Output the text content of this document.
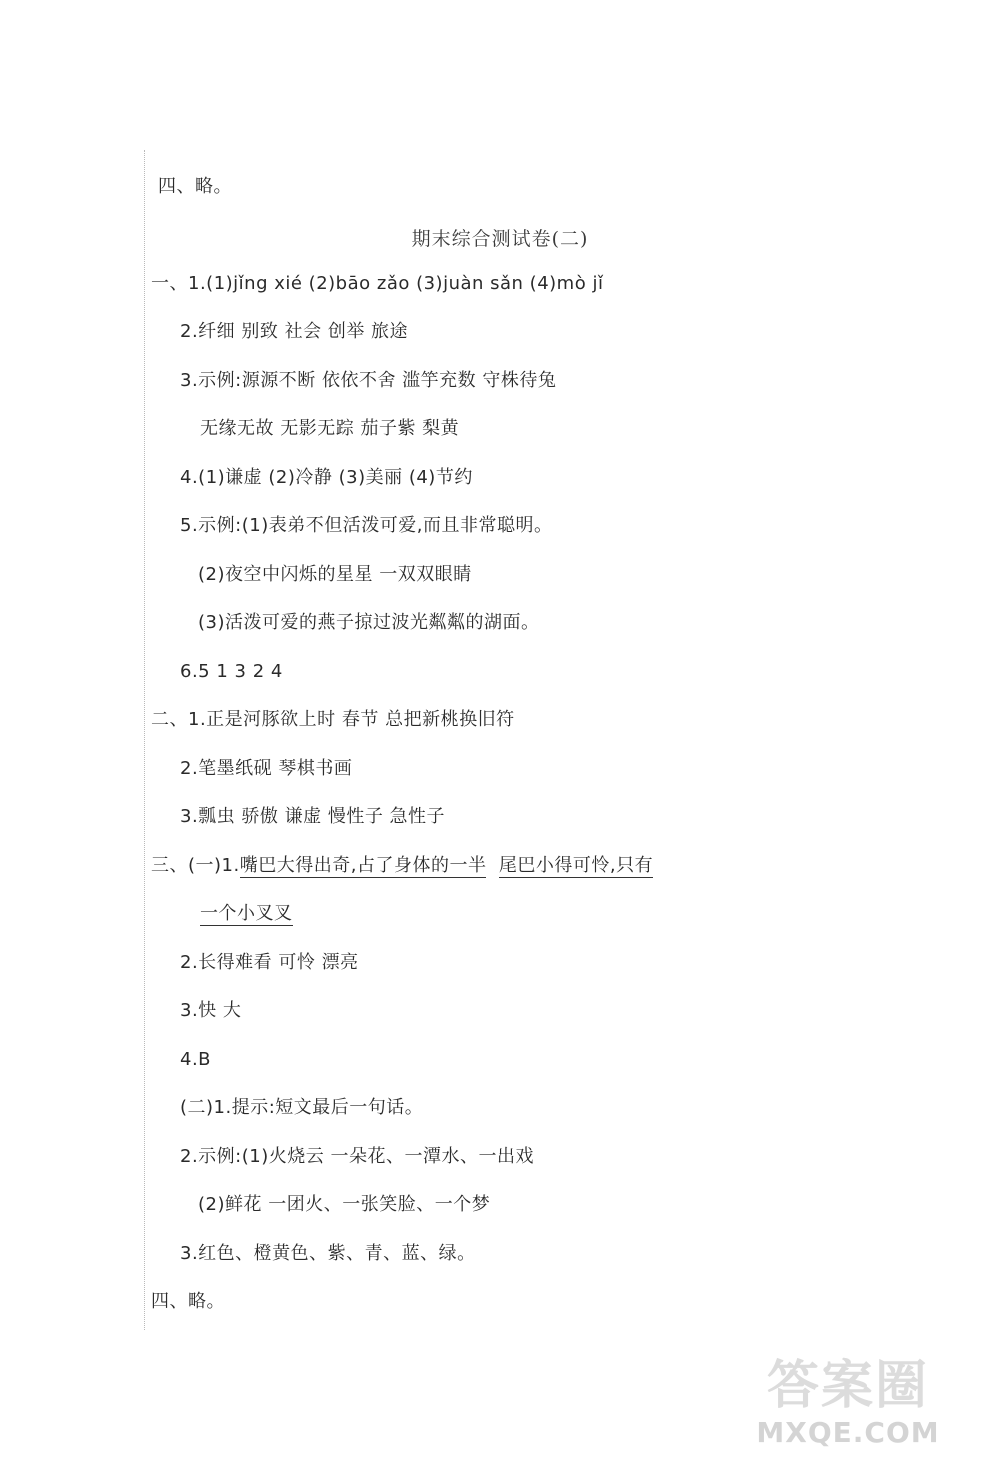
四、略。
期末综合测试卷(二)
一、1.(1)jǐng xié (2)bāo zǎo (3)juàn sǎn (4)mò jǐ
2.纤细 别致 社会 创举 旅途
3.示例:源源不断 依依不舍 滥竽充数 守株待兔
无缘无故 无影无踪 茄子紫 梨黄
4.(1)谦虚 (2)冷静 (3)美丽 (4)节约
5.示例:(1)表弟不但活泼可爱,而且非常聪明。
(2)夜空中闪烁的星星 一双双眼睛
(3)活泼可爱的燕子掠过波光粼粼的湖面。
6.5 1 3 2 4
二、1.正是河豚欲上时 春节 总把新桃换旧符
2.笔墨纸砚 琴棋书画
3.瓢虫 骄傲 谦虚 慢性子 急性子
三、(一)1.嘴巴大得出奇,占了身体的一半 尾巴小得可怜,只有
一个小叉叉
2.长得难看 可怜 漂亮
3.快 大
4.B
(二)1.提示:短文最后一句话。
2.示例:(1)火烧云 一朵花、一潭水、一出戏
(2)鲜花 一团火、一张笑脸、一个梦
3.红色、橙黄色、紫、青、蓝、绿。
四、略。
答案圈
MXQE.COM
